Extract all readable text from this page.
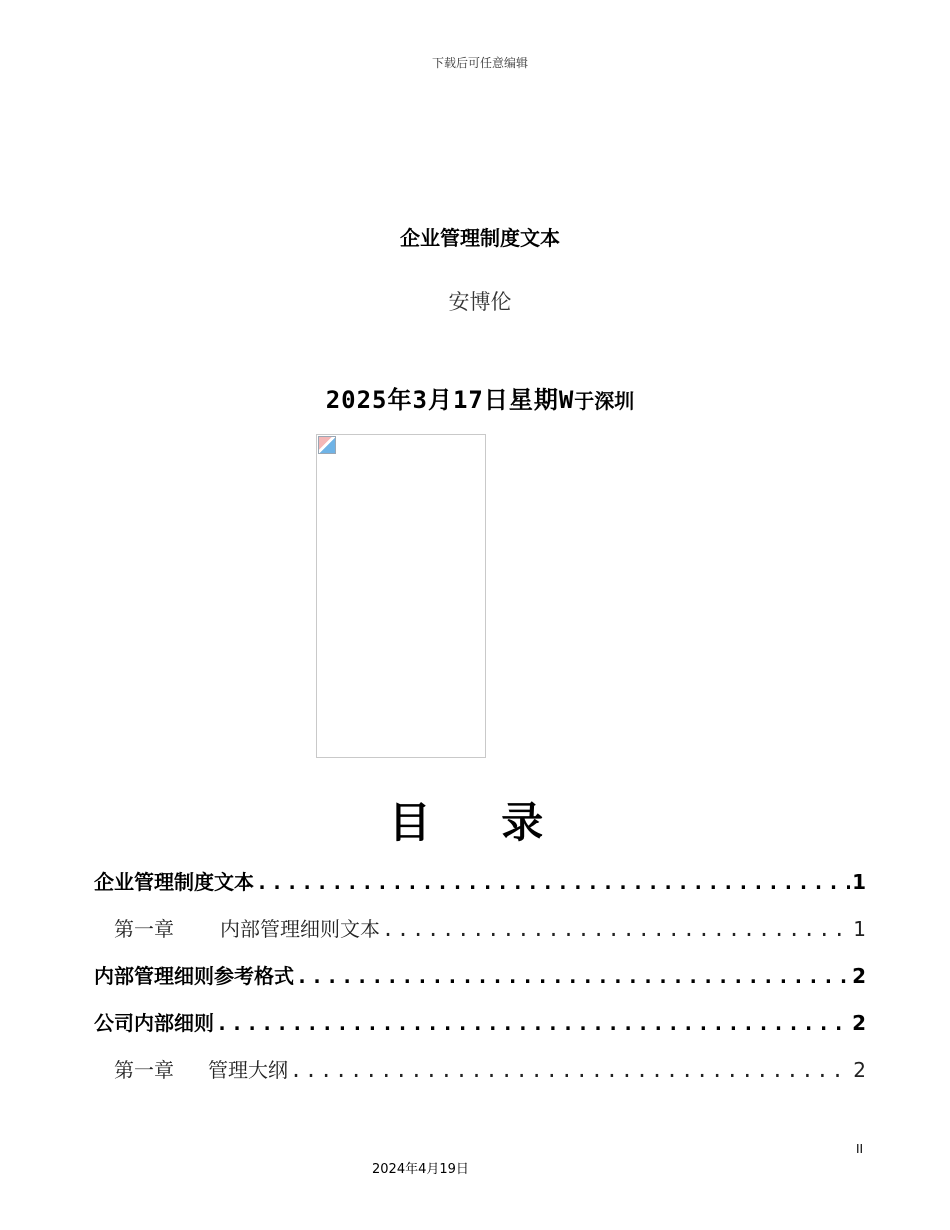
下载后可任意编辑
企业管理制度文本
安博伦
2025年3月17日星期W于深圳
目 录
企业管理制度文本 .....	1
第一章 内部管理细则文本 .....	1
内部管理细则参考格式 .....	2
公司内部细则 .....	2
第一章 管理大纲 .....	2
II
2024年4月19日
